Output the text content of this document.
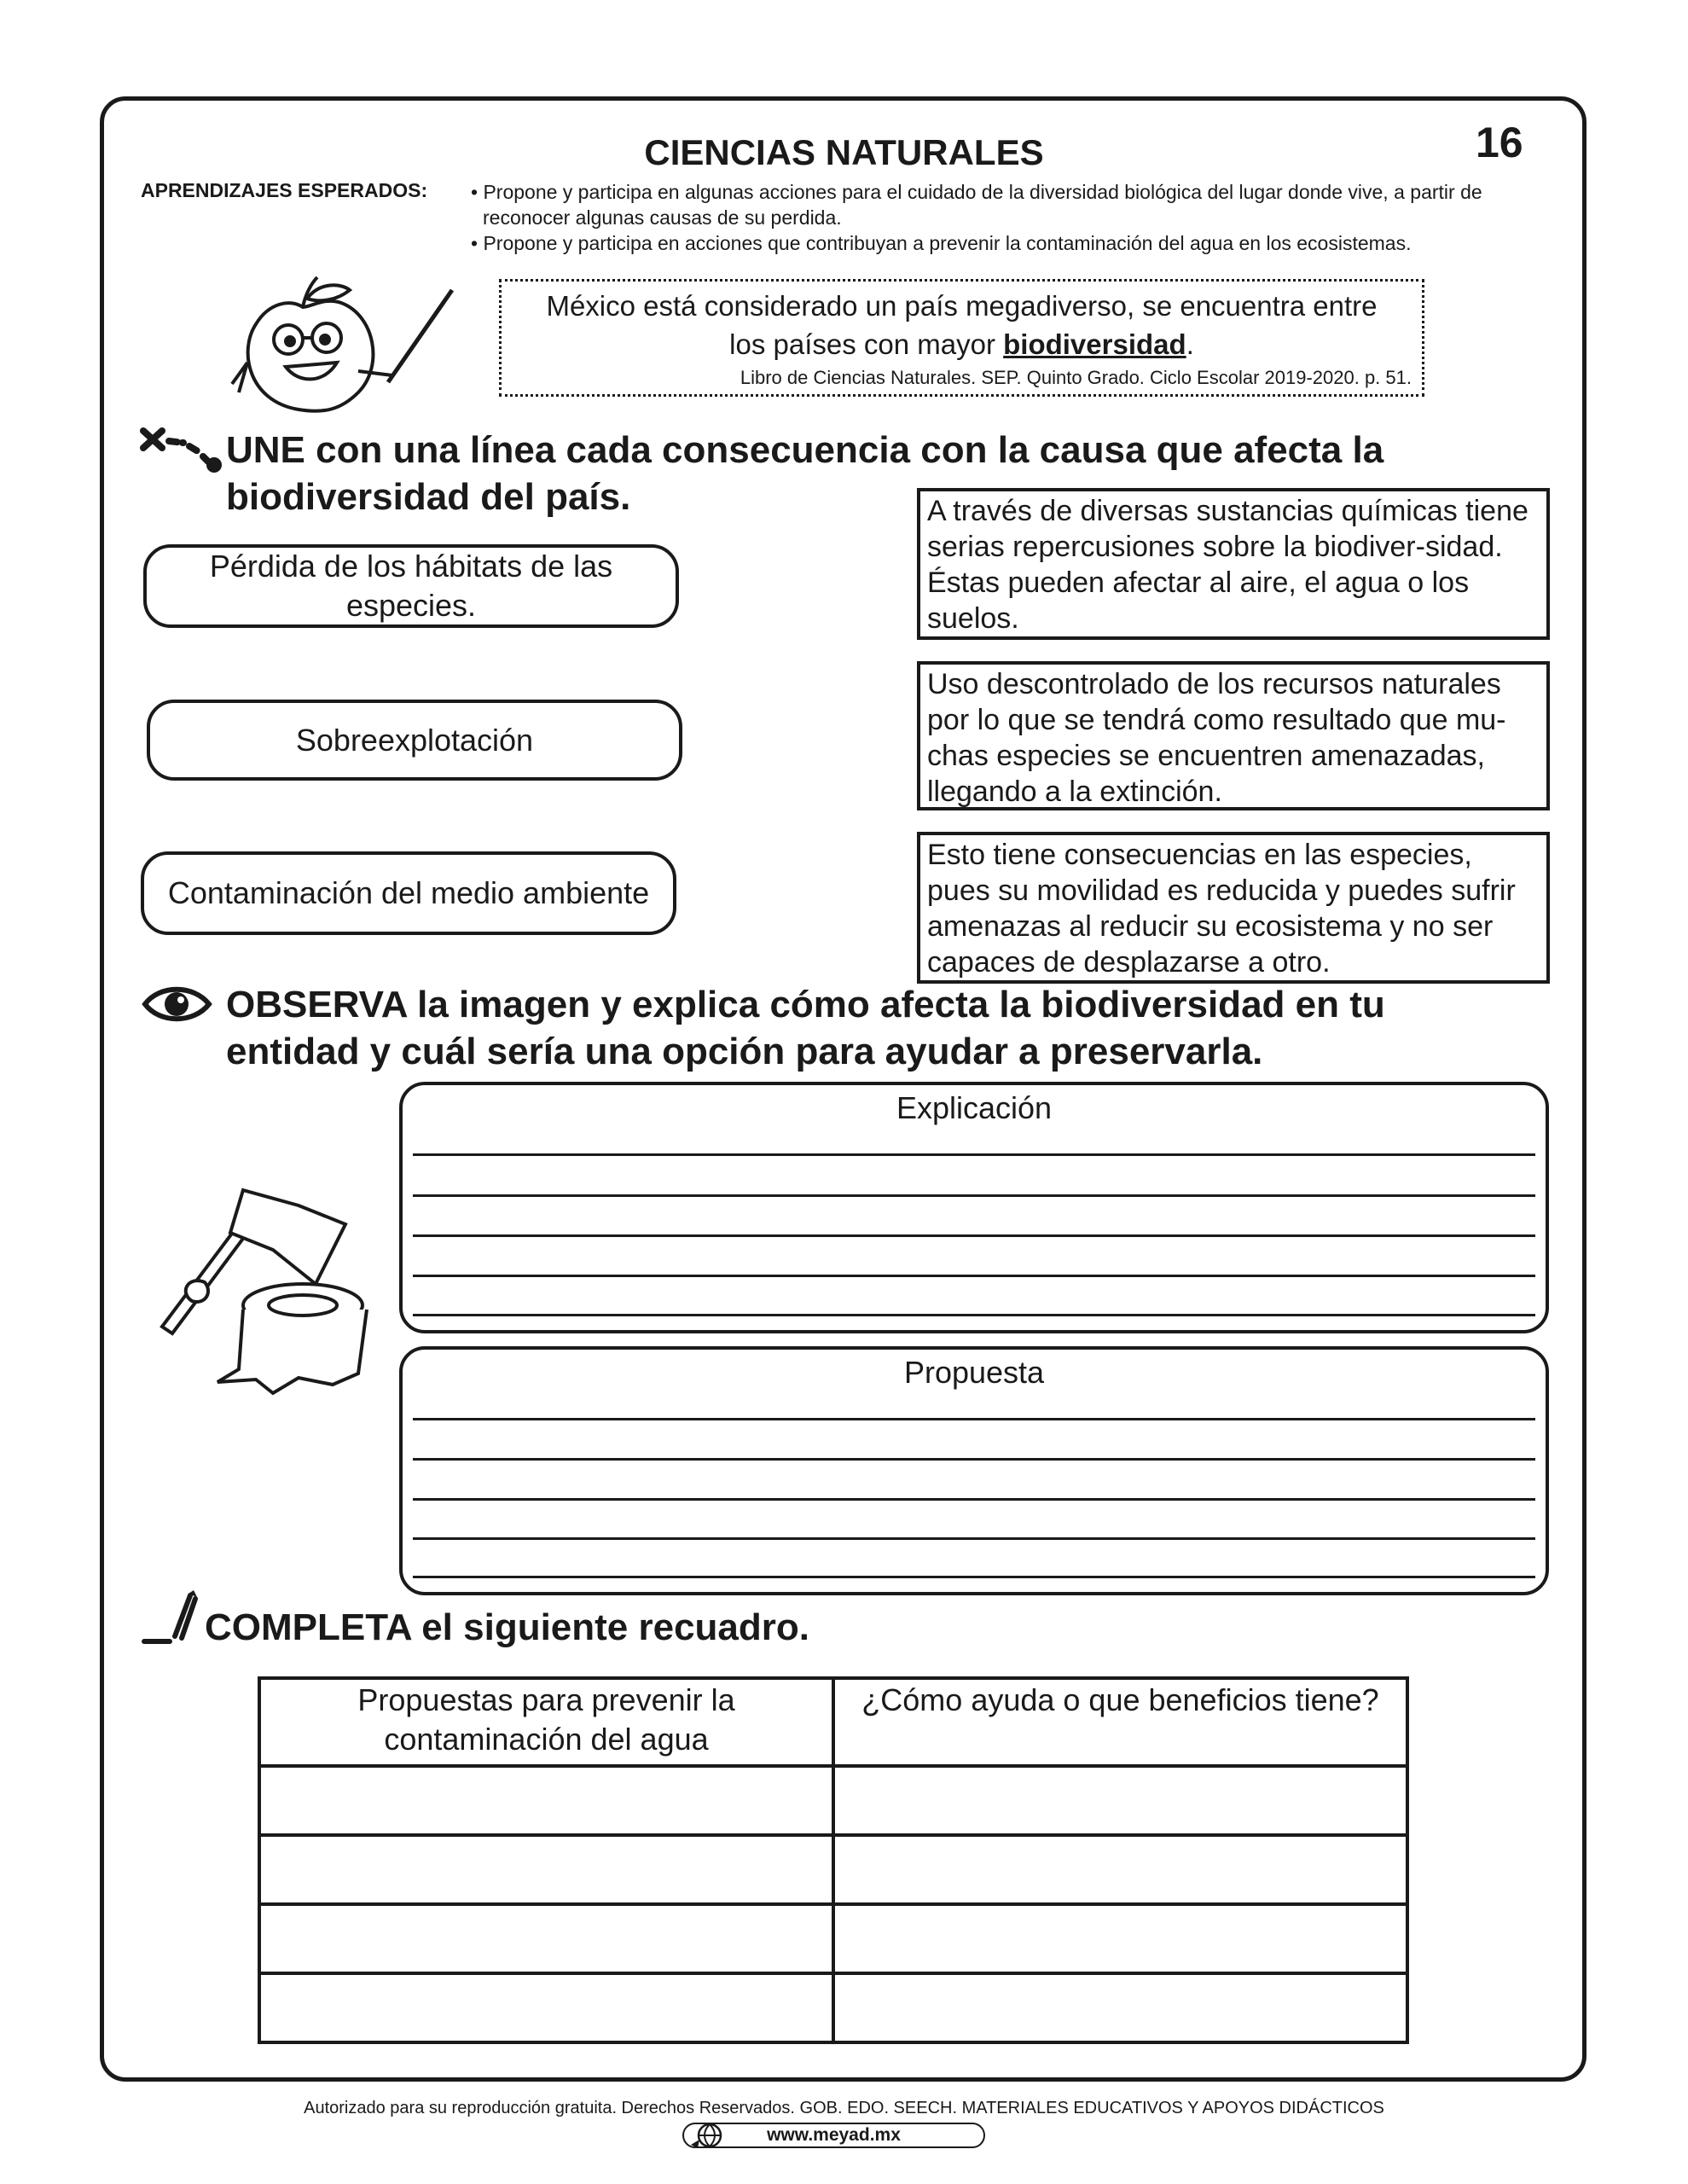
CIENCIAS NATURALES	16
APRENDIZAJES ESPERADOS: • Propone y participa en algunas acciones para el cuidado de la diversidad biológica del lugar donde vive, a partir de reconocer algunas causas de su perdida.
• Propone y participa en acciones que contribuyan a prevenir la contaminación del agua en los ecosistemas.
México está considerado un país megadiverso, se encuentra entre
los países con mayor biodiversidad.
Libro de Ciencias Naturales. SEP. Quinto Grado. Ciclo Escolar 2019-2020. p. 51.
UNE con una línea cada consecuencia con la causa que afecta la biodiversidad del país.
Pérdida de los hábitats de las especies.
Sobreexplotación
Contaminación del medio ambiente
A través de diversas sustancias químicas tiene serias repercusiones sobre la biodiver-sidad. Éstas pueden afectar al aire, el agua o los suelos.
Uso descontrolado de los recursos naturales por lo que se tendrá como resultado que mu-chas especies se encuentren amenazadas, llegando a la extinción.
Esto tiene consecuencias en las especies, pues su movilidad es reducida y puedes sufrir amenazas al reducir su ecosistema y no ser capaces de desplazarse a otro.
OBSERVA la imagen y explica cómo afecta la biodiversidad en tu entidad y cuál sería una opción para ayudar a preservarla.
Explicación
Propuesta
COMPLETA el siguiente recuadro.
Propuestas para prevenir la contaminación del agua	¿Cómo ayuda o que beneficios tiene?

Autorizado para su reproducción gratuita. Derechos Reservados. GOB. EDO. SEECH. MATERIALES EDUCATIVOS Y APOYOS DIDÁCTICOS
www.meyad.mx
